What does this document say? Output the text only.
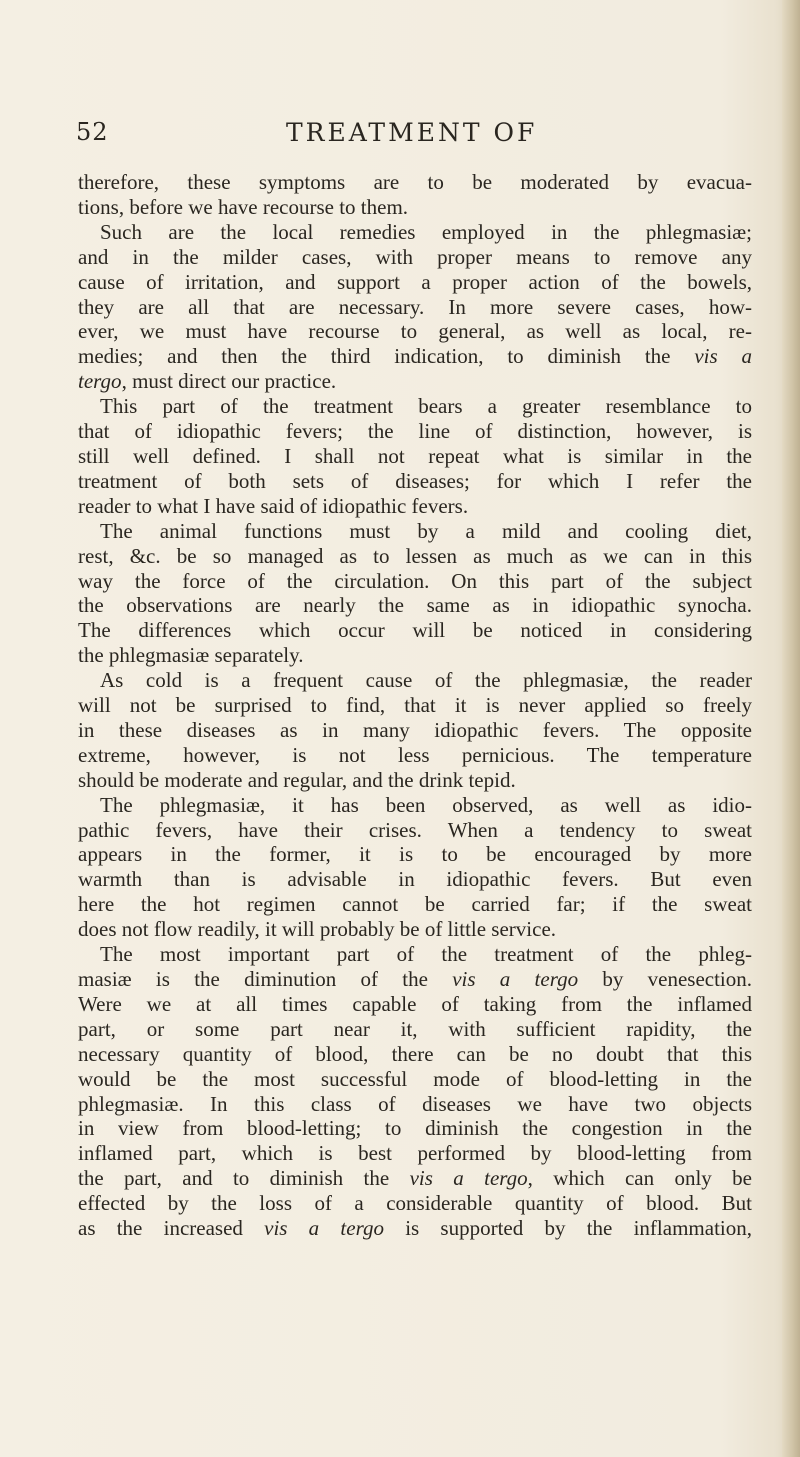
52	TREATMENT OF
therefore, these symptoms are to be moderated by evacua-
tions, before we have recourse to them.
Such are the local remedies employed in the phlegmasiæ;
and in the milder cases, with proper means to remove any
cause of irritation, and support a proper action of the bowels,
they are all that are necessary. In more severe cases, how-
ever, we must have recourse to general, as well as local, re-
medies; and then the third indication, to diminish the vis a
tergo, must direct our practice.
This part of the treatment bears a greater resemblance to
that of idiopathic fevers; the line of distinction, however, is
still well defined. I shall not repeat what is similar in the
treatment of both sets of diseases; for which I refer the
reader to what I have said of idiopathic fevers.
The animal functions must by a mild and cooling diet,
rest, &c. be so managed as to lessen as much as we can in this
way the force of the circulation. On this part of the subject
the observations are nearly the same as in idiopathic synocha.
The differences which occur will be noticed in considering
the phlegmasiæ separately.
As cold is a frequent cause of the phlegmasiæ, the reader
will not be surprised to find, that it is never applied so freely
in these diseases as in many idiopathic fevers. The opposite
extreme, however, is not less pernicious. The temperature
should be moderate and regular, and the drink tepid.
The phlegmasiæ, it has been observed, as well as idio-
pathic fevers, have their crises. When a tendency to sweat
appears in the former, it is to be encouraged by more
warmth than is advisable in idiopathic fevers. But even
here the hot regimen cannot be carried far; if the sweat
does not flow readily, it will probably be of little service.
The most important part of the treatment of the phleg-
masiæ is the diminution of the vis a tergo by venesection.
Were we at all times capable of taking from the inflamed
part, or some part near it, with sufficient rapidity, the
necessary quantity of blood, there can be no doubt that this
would be the most successful mode of blood-letting in the
phlegmasiæ. In this class of diseases we have two objects
in view from blood-letting; to diminish the congestion in the
inflamed part, which is best performed by blood-letting from
the part, and to diminish the vis a tergo, which can only be
effected by the loss of a considerable quantity of blood. But
as the increased vis a tergo is supported by the inflammation,
